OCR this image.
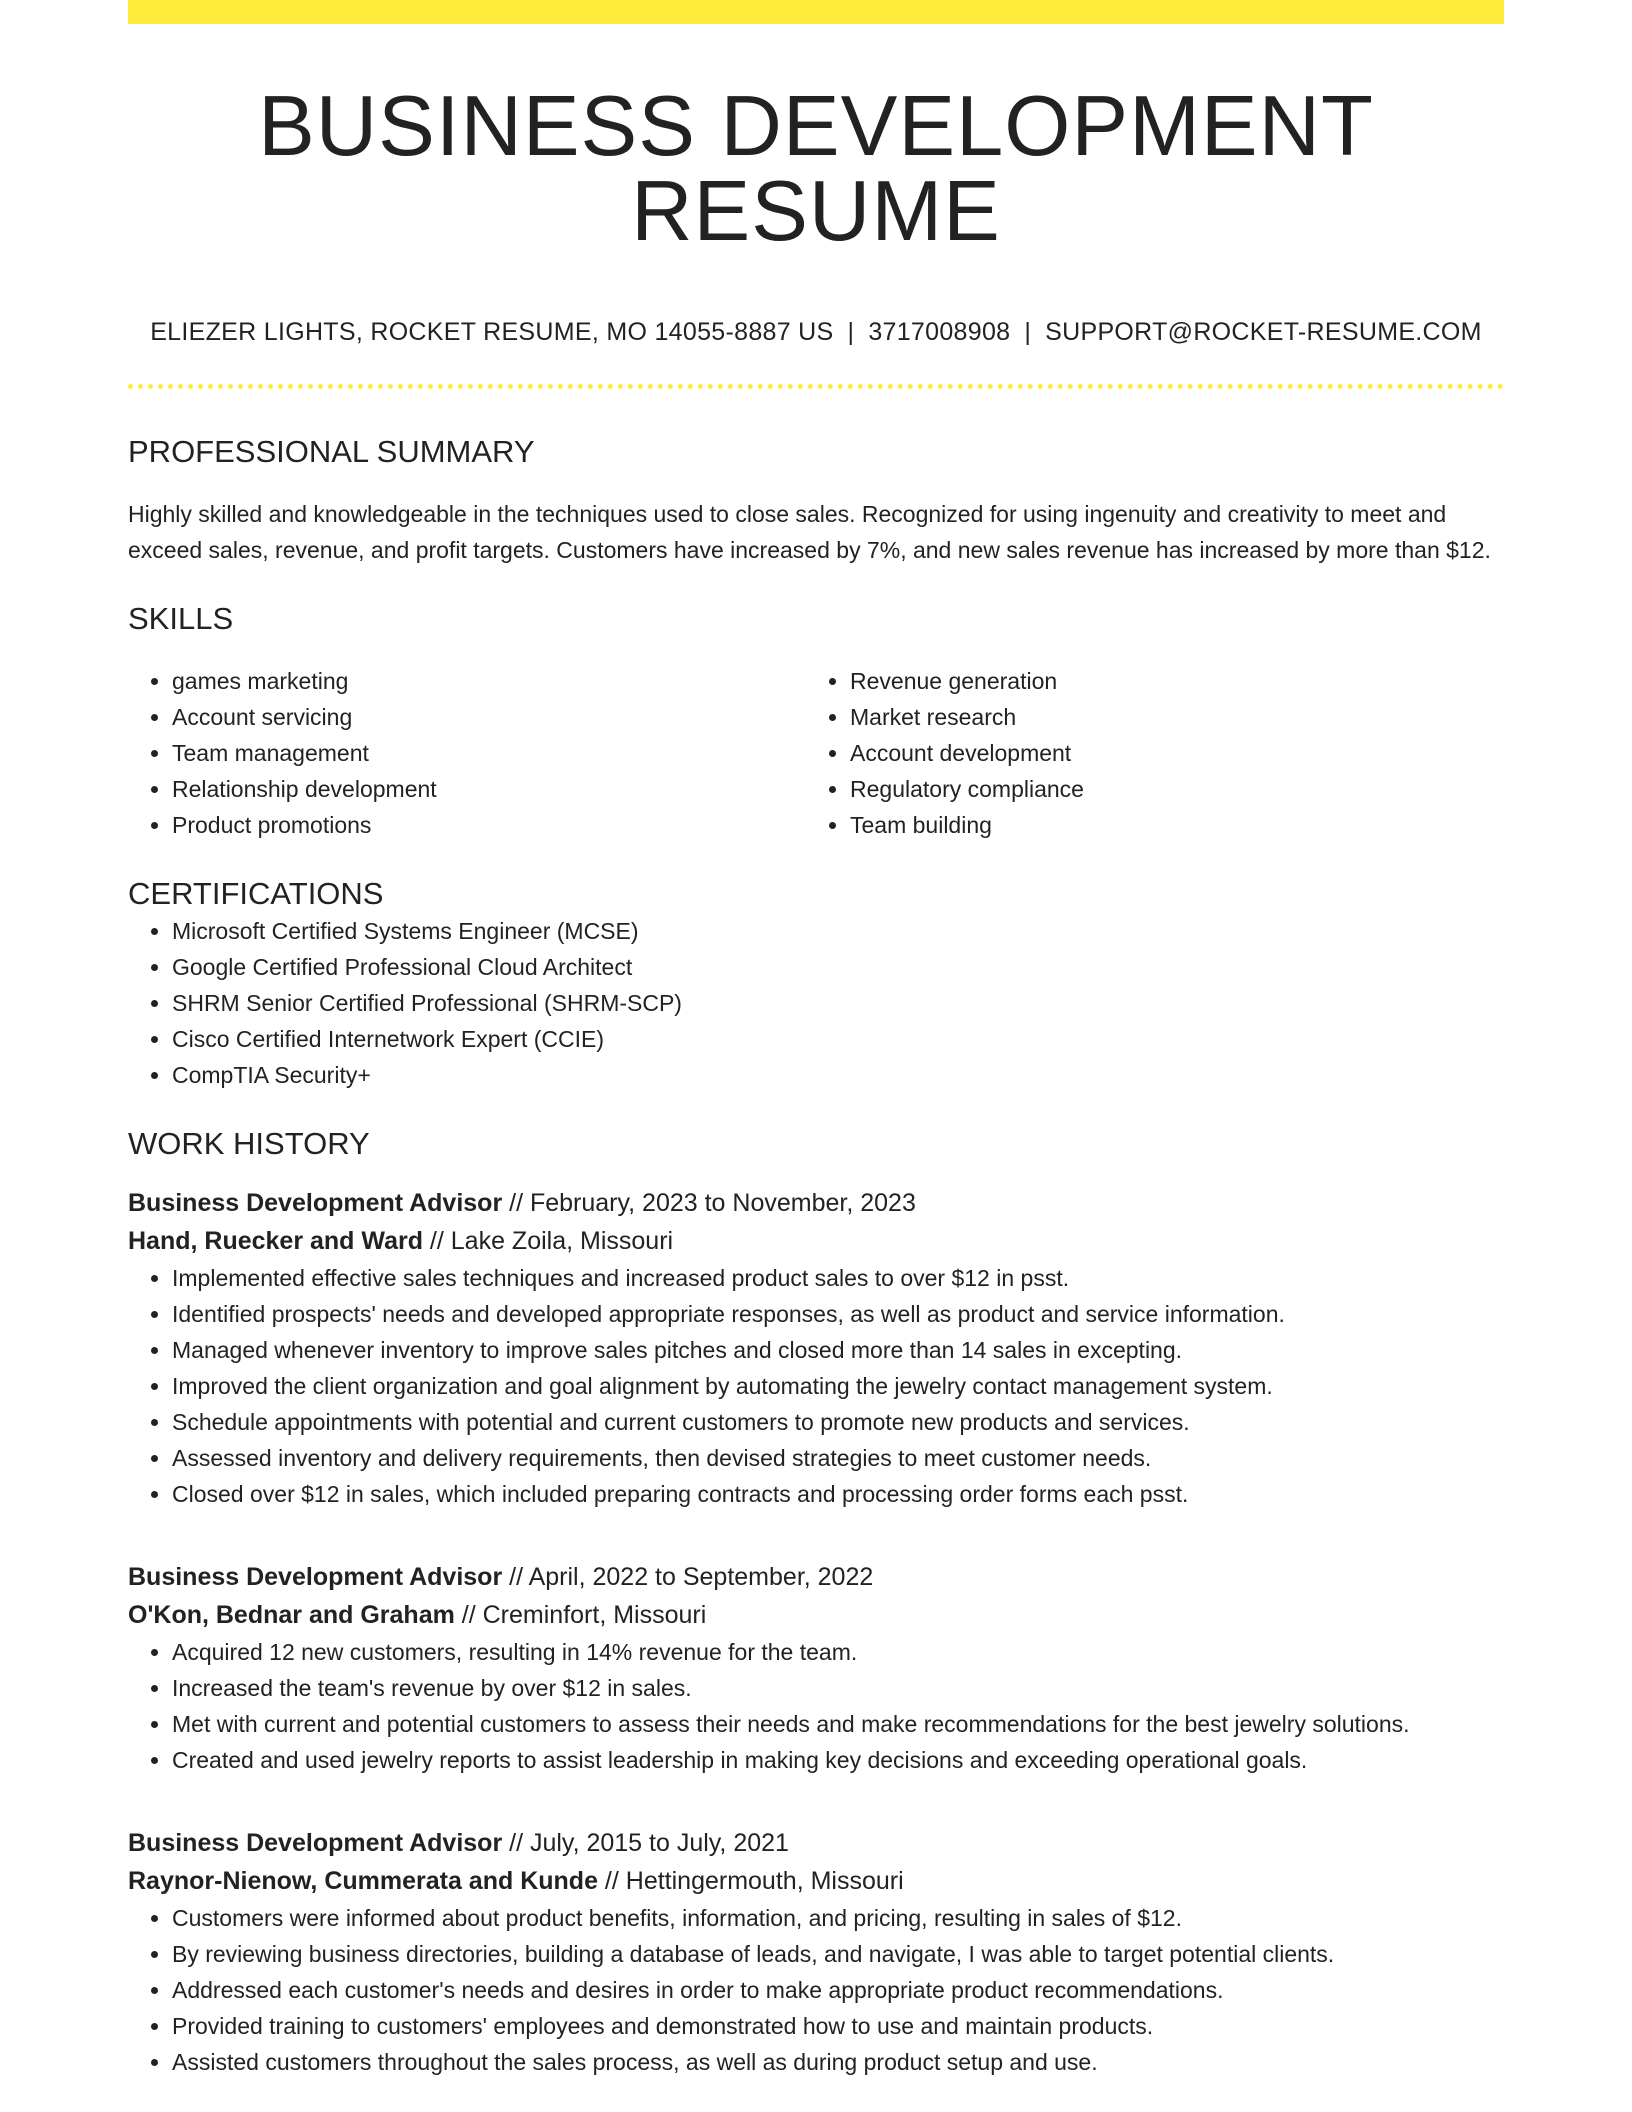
BUSINESS DEVELOPMENT RESUME
ELIEZER LIGHTS, ROCKET RESUME, MO 14055-8887 US | 3717008908 | SUPPORT@ROCKET-RESUME.COM
PROFESSIONAL SUMMARY

Highly skilled and knowledgeable in the techniques used to close sales. Recognized for using ingenuity and creativity to meet and exceed sales, revenue, and profit targets. Customers have increased by 7%, and new sales revenue has increased by more than $12.

SKILLS
• games marketing
• Account servicing
• Team management
• Relationship development
• Product promotions
• Revenue generation
• Market research
• Account development
• Regulatory compliance
• Team building
CERTIFICATIONS
• Microsoft Certified Systems Engineer (MCSE)
• Google Certified Professional Cloud Architect
• SHRM Senior Certified Professional (SHRM-SCP)
• Cisco Certified Internetwork Expert (CCIE)
• CompTIA Security+
WORK HISTORY
Business Development Advisor // February, 2023 to November, 2023
Hand, Ruecker and Ward // Lake Zoila, Missouri
• Implemented effective sales techniques and increased product sales to over $12 in psst.
• Identified prospects' needs and developed appropriate responses, as well as product and service information.
• Managed whenever inventory to improve sales pitches and closed more than 14 sales in excepting.
• Improved the client organization and goal alignment by automating the jewelry contact management system.
• Schedule appointments with potential and current customers to promote new products and services.
• Assessed inventory and delivery requirements, then devised strategies to meet customer needs.
• Closed over $12 in sales, which included preparing contracts and processing order forms each psst.
Business Development Advisor // April, 2022 to September, 2022
O'Kon, Bednar and Graham // Creminfort, Missouri
• Acquired 12 new customers, resulting in 14% revenue for the team.
• Increased the team's revenue by over $12 in sales.
• Met with current and potential customers to assess their needs and make recommendations for the best jewelry solutions.
• Created and used jewelry reports to assist leadership in making key decisions and exceeding operational goals.
Business Development Advisor // July, 2015 to July, 2021
Raynor-Nienow, Cummerata and Kunde // Hettingermouth, Missouri
• Customers were informed about product benefits, information, and pricing, resulting in sales of $12.
• By reviewing business directories, building a database of leads, and navigate, I was able to target potential clients.
• Addressed each customer's needs and desires in order to make appropriate product recommendations.
• Provided training to customers' employees and demonstrated how to use and maintain products.
• Assisted customers throughout the sales process, as well as during product setup and use.
